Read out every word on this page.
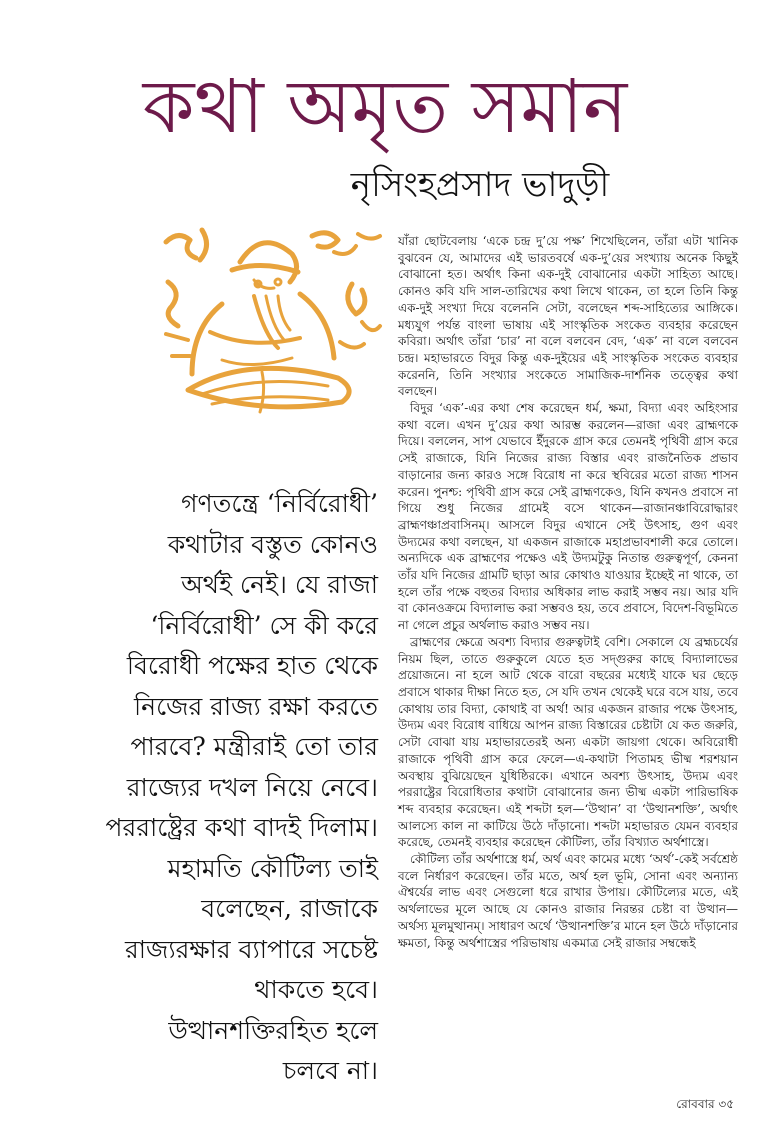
কথা অমৃত সমান
নৃসিংহপ্রসাদ ভাদুড়ী
গণতন্ত্রে ‘নির্বিরোধী’
কথাটার বস্তুত কোনও
অর্থই নেই। যে রাজা
‘নির্বিরোধী’ সে কী করে
বিরোধী পক্ষের হাত থেকে
নিজের রাজ্য রক্ষা করতে
পারবে? মন্ত্রীরাই তো তার
রাজ্যের দখল নিয়ে নেবে।
পররাষ্ট্রের কথা বাদই দিলাম।
মহামতি কৌটিল্য তাই
বলেছেন, রাজাকে
রাজ্যরক্ষার ব্যাপারে সচেষ্ট
থাকতে হবে।
উত্থানশক্তিরহিত হলে
চলবে না।

যাঁরা ছোটবেলায় ‘একে চন্দ্র দু’য়ে পক্ষ’ শিখেছিলেন, তাঁরা এটা খানিক বুঝবেন যে, আমাদের এই ভারতবর্ষে এক-দু’য়ের সংখ্যায় অনেক কিছুই বোঝানো হত। অর্থাৎ কিনা এক-দুই বোঝানোর একটা সাহিত্য আছে। কোনও কবি যদি সাল-তারিখের কথা লিখে থাকেন, তা হলে তিনি কিন্তু এক-দুই সংখ্যা দিয়ে বলেননি সেটা, বলেছেন শব্দ-সাহিত্যের আঙ্গিকে। মধ্যযুগ পর্যন্ত বাংলা ভাষায় এই সাংস্কৃতিক সংকেত ব্যবহার করেছেন কবিরা। অর্থাৎ তাঁরা ‘চার’ না বলে বলবেন বেদ, ‘এক’ না বলে বলবেন চন্দ্র। মহাভারতে বিদুর কিন্তু এক-দুইয়ের এই সাংস্কৃতিক সংকেত ব্যবহার করেননি, তিনি সংখ্যার সংকেতে সামাজিক-দার্শনিক তত্ত্বের কথা বলছেন।

বিদুর ‘এক’-এর কথা শেষ করেছেন ধর্ম, ক্ষমা, বিদ্যা এবং অহিংসার কথা বলে। এখন দু’য়ের কথা আরম্ভ করলেন—রাজা এবং ব্রাহ্মণকে দিয়ে। বললেন, সাপ যেভাবে ইঁদুরকে গ্রাস করে তেমনই পৃথিবী গ্রাস করে সেই রাজাকে, যিনি নিজের রাজ্য বিস্তার এবং রাজনৈতিক প্রভাব বাড়ানোর জন্য কারও সঙ্গে বিরোধ না করে স্থবিরের মতো রাজ্য শাসন করেন। পুনশ্চ: পৃথিবী গ্রাস করে সেই ব্রাহ্মণকেও, যিনি কখনও প্রবাসে না গিয়ে শুধু নিজের গ্রামেই বসে থাকেন—রাজানঞ্চাবিরোদ্ধারং ব্রাহ্মণঞ্চাপ্রবাসিনম্। আসলে বিদুর এখানে সেই উৎসাহ, গুণ এবং উদ্যমের কথা বলছেন, যা একজন রাজাকে মহাপ্রভাবশালী করে তোলে। অন্যদিকে এক ব্রাহ্মণের পক্ষেও এই উদ্যমটুকু নিতান্ত গুরুত্বপূর্ণ, কেননা তাঁর যদি নিজের গ্রামটি ছাড়া আর কোথাও যাওয়ার ইচ্ছেই না থাকে, তা হলে তাঁর পক্ষে বহুতর বিদ্যার অধিকার লাভ করাই সম্ভব নয়। আর যদি বা কোনওক্রমে বিদ্যালাভ করা সম্ভবও হয়, তবে প্রবাসে, বিদেশ-বিভূমিতে না গেলে প্রচুর অর্থলাভ করাও সম্ভব নয়।

ব্রাহ্মণের ক্ষেত্রে অবশ্য বিদ্যার গুরুত্বটাই বেশি। সেকালে যে ব্রহ্মচর্যের নিয়ম ছিল, তাতে গুরুকুলে যেতে হত সদ্গুরুর কাছে বিদ্যালাভের প্রয়োজনে। না হলে আট থেকে বারো বছরের মধ্যেই যাকে ঘর ছেড়ে প্রবাসে থাকার দীক্ষা নিতে হত, সে যদি তখন থেকেই ঘরে বসে যায়, তবে কোথায় তার বিদ্যা, কোথাই বা অর্থ! আর একজন রাজার পক্ষে উৎসাহ, উদ্যম এবং বিরোধ বাধিয়ে আপন রাজ্য বিস্তারের চেষ্টাটা যে কত জরুরি, সেটা বোঝা যায় মহাভারতেরই অন্য একটা জায়গা থেকে। অবিরোধী রাজাকে পৃথিবী গ্রাস করে ফেলে—এ-কথাটা পিতামহ ভীষ্ম শরশয়ান অবস্থায় বুঝিয়েছেন যুধিষ্ঠিরকে। এখানে অবশ্য উৎসাহ, উদ্যম এবং পররাষ্ট্রের বিরোধিতার কথাটা বোঝানোর জন্য ভীষ্ম একটা পারিভাষিক শব্দ ব্যবহার করেছেন। এই শব্দটা হল—‘উত্থান’ বা ‘উত্থানশক্তি’, অর্থাৎ আলস্যে কাল না কাটিয়ে উঠে দাঁড়ানো। শব্দটা মহাভারত যেমন ব্যবহার করেছে, তেমনই ব্যবহার করেছেন কৌটিল্য, তাঁর বিখ্যাত অর্থশাস্ত্রে।

কৌটিল্য তাঁর অর্থশাস্ত্রে ধর্ম, অর্থ এবং কামের মধ্যে ‘অর্থ’-কেই সর্বশ্রেষ্ঠ বলে নির্ধারণ করেছেন। তাঁর মতে, অর্থ হল ভূমি, সোনা এবং অন্যান্য ঐশ্বর্যের লাভ এবং সেগুলো ধরে রাখার উপায়। কৌটিল্যের মতে, এই অর্থলাভের মূলে আছে যে কোনও রাজার নিরন্তর চেষ্টা বা উত্থান—অর্থস্য মূলমুত্থানম্। সাধারণ অর্থে ‘উত্থানশক্তি’র মানে হল উঠে দাঁড়ানোর ক্ষমতা, কিন্তু অর্থশাস্ত্রের পরিভাষায় একমাত্র সেই রাজার সম্বন্ধেই

রোববার ৩৫
